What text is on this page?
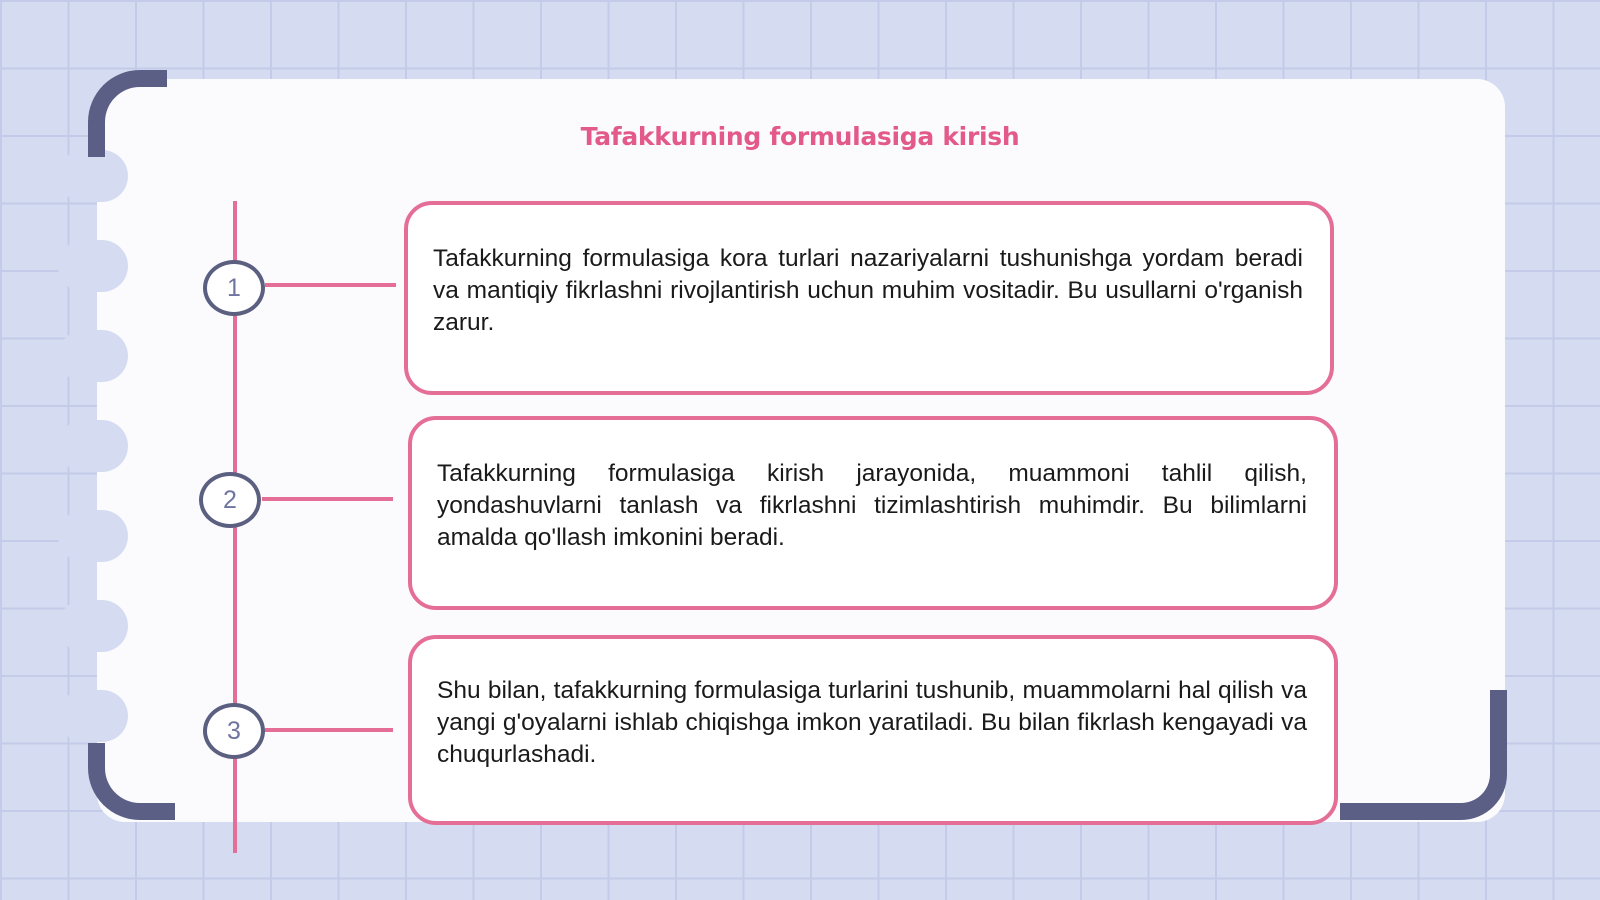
Tafakkurning formulasiga kirish
1
2
3

Tafakkurning formulasiga kora turlari nazariyalarni tushunishga yordam beradi va mantiqiy fikrlashni rivojlantirish uchun muhim vositadir. Bu usullarni o'rganish zarur.

Tafakkurning formulasiga kirish jarayonida, muammoni tahlil qilish, yondashuvlarni tanlash va fikrlashni tizimlashtirish muhimdir. Bu bilimlarni amalda qo'llash imkonini beradi.

Shu bilan, tafakkurning formulasiga turlarini tushunib, muammolarni hal qilish va yangi g'oyalarni ishlab chiqishga imkon yaratiladi. Bu bilan fikrlash kengayadi va chuqurlashadi.
